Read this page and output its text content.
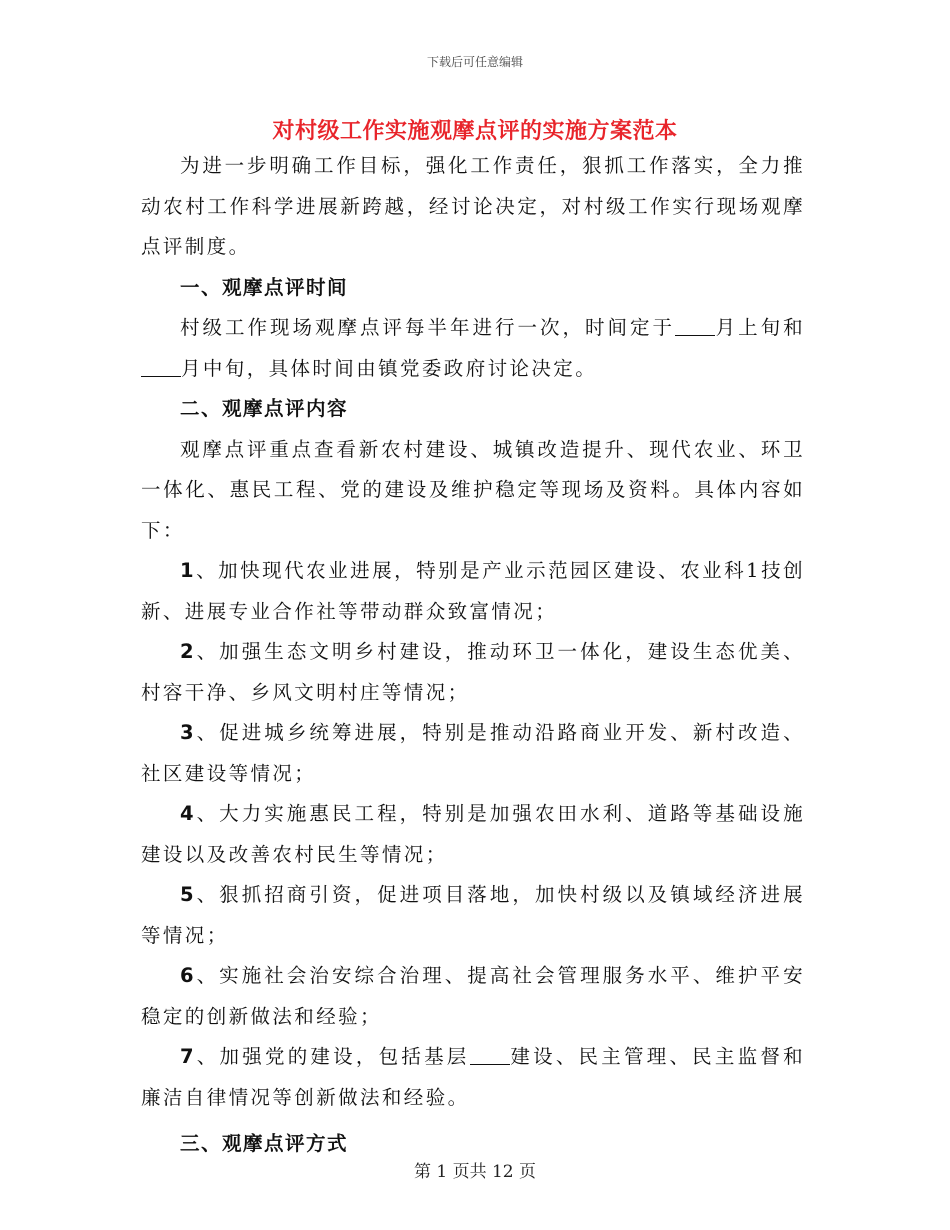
下载后可任意编辑
对村级工作实施观摩点评的实施方案范本

为进一步明确工作目标，强化工作责任，狠抓工作落实，全力推动农村工作科学进展新跨越，经讨论决定，对村级工作实行现场观摩点评制度。

一、观摩点评时间

村级工作现场观摩点评每半年进行一次，时间定于 月上旬和月中旬，具体时间由镇党委政府讨论决定。

二、观摩点评内容

观摩点评重点查看新农村建设、城镇改造提升、现代农业、环卫一体化、惠民工程、党的建设及维护稳定等现场及资料。具体内容如下：

1、加快现代农业进展，特别是产业示范园区建设、农业科1技创新、进展专业合作社等带动群众致富情况；

2、加强生态文明乡村建设，推动环卫一体化，建设生态优美、村容干净、乡风文明村庄等情况；

3、促进城乡统筹进展，特别是推动沿路商业开发、新村改造、社区建设等情况；

4、大力实施惠民工程，特别是加强农田水利、道路等基础设施建设以及改善农村民生等情况；

5、狠抓招商引资，促进项目落地，加快村级以及镇域经济进展等情况；

6、实施社会治安综合治理、提高社会管理服务水平、维护平安稳定的创新做法和经验；

7、加强党的建设，包括基层 建设、民主管理、民主监督和廉洁自律情况等创新做法和经验。

三、观摩点评方式

第 1 页共 12 页
